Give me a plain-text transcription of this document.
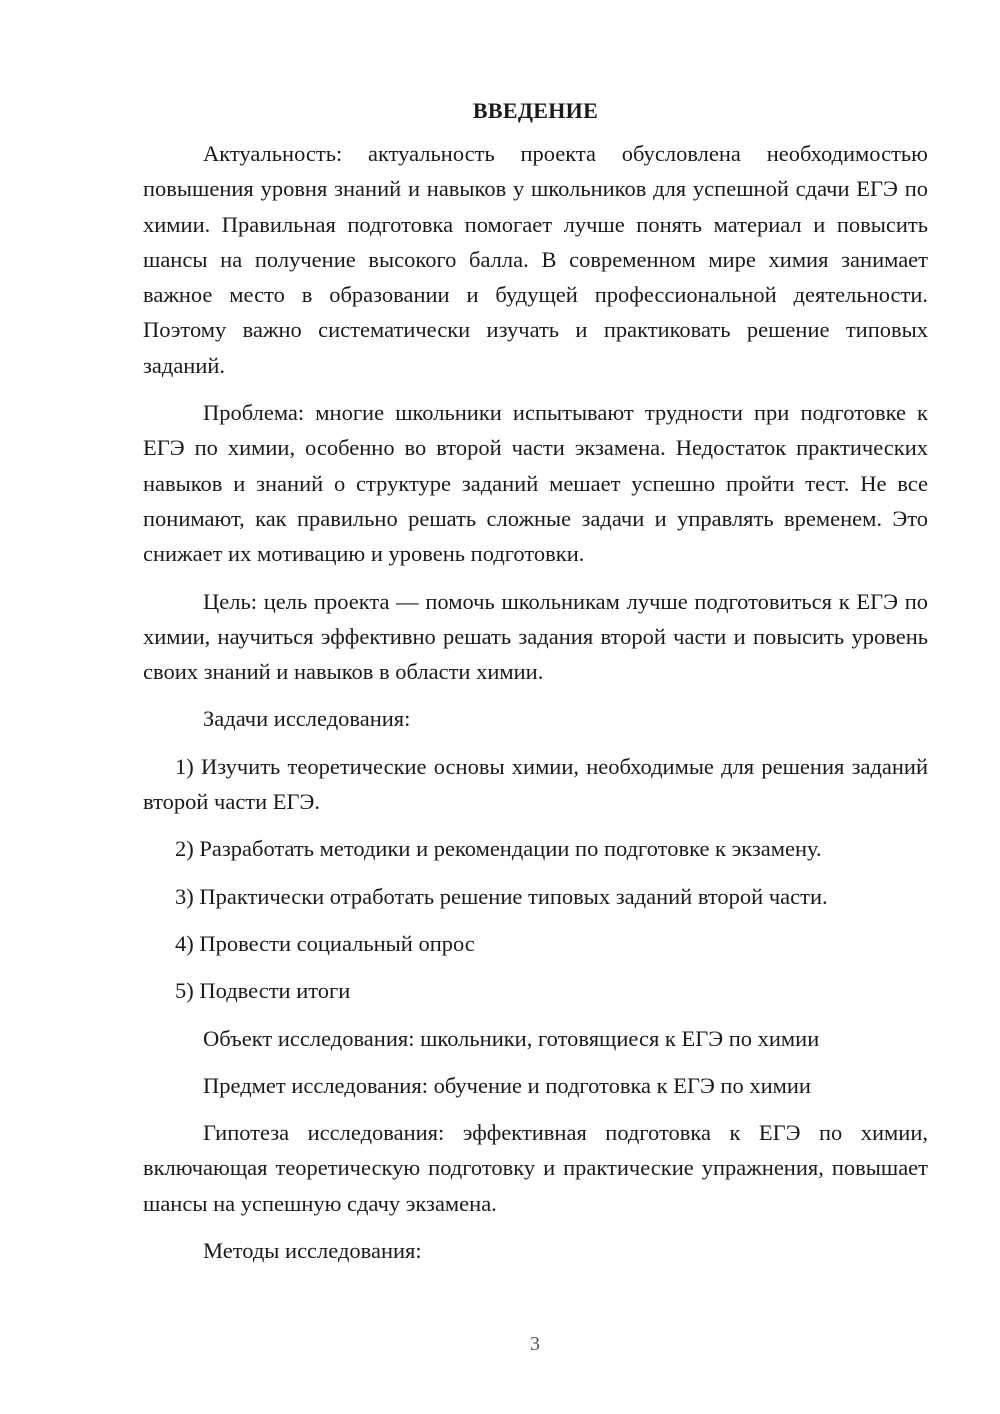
ВВЕДЕНИЕ

Актуальность: актуальность проекта обусловлена необходимостью повышения уровня знаний и навыков у школьников для успешной сдачи ЕГЭ по химии. Правильная подготовка помогает лучше понять материал и повысить шансы на получение высокого балла. В современном мире химия занимает важное место в образовании и будущей профессиональной деятельности. Поэтому важно систематически изучать и практиковать решение типовых заданий.

Проблема: многие школьники испытывают трудности при подготовке к ЕГЭ по химии, особенно во второй части экзамена. Недостаток практических навыков и знаний о структуре заданий мешает успешно пройти тест. Не все понимают, как правильно решать сложные задачи и управлять временем. Это снижает их мотивацию и уровень подготовки.

Цель: цель проекта — помочь школьникам лучше подготовиться к ЕГЭ по химии, научиться эффективно решать задания второй части и повысить уровень своих знаний и навыков в области химии.

Задачи исследования:

1) Изучить теоретические основы химии, необходимые для решения заданий второй части ЕГЭ.

2) Разработать методики и рекомендации по подготовке к экзамену.

3) Практически отработать решение типовых заданий второй части.

4) Провести социальный опрос

5) Подвести итоги

Объект исследования: школьники, готовящиеся к ЕГЭ по химии

Предмет исследования: обучение и подготовка к ЕГЭ по химии

Гипотеза исследования: эффективная подготовка к ЕГЭ по химии, включающая теоретическую подготовку и практические упражнения, повышает шансы на успешную сдачу экзамена.

Методы исследования:

3
